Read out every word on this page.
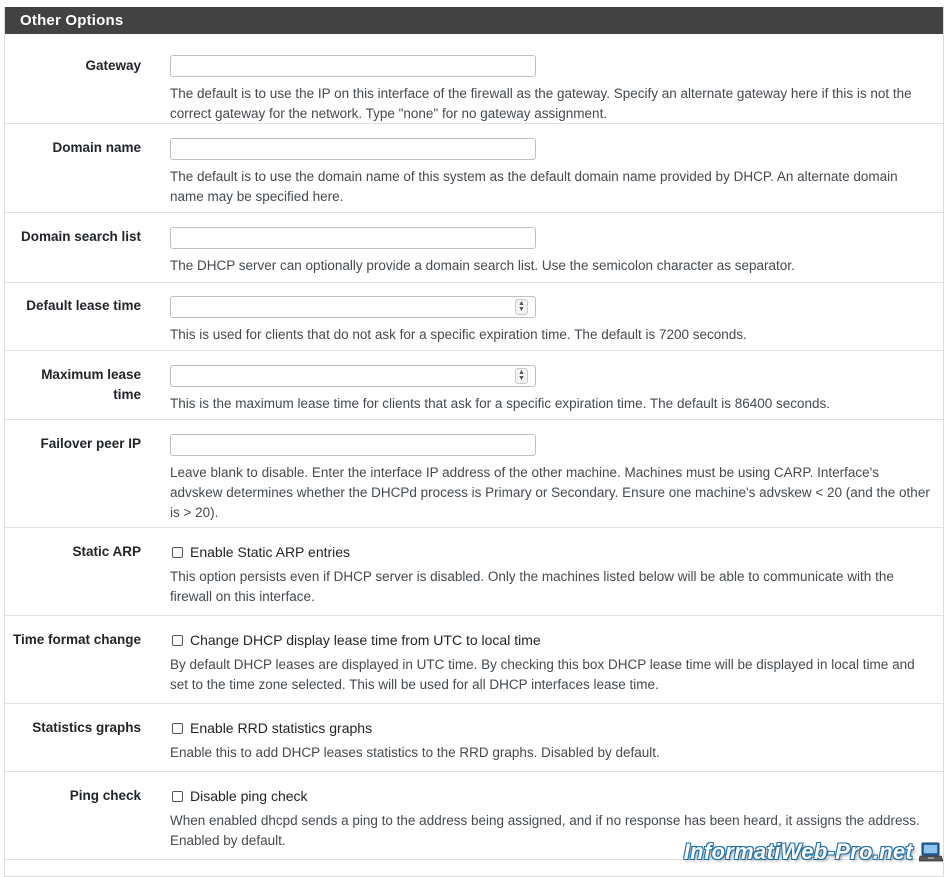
Other Options
Gateway
The default is to use the IP on this interface of the firewall as the gateway. Specify an alternate gateway here if this is not the correct gateway for the network. Type "none" for no gateway assignment.
Domain name
The default is to use the domain name of this system as the default domain name provided by DHCP. An alternate domain name may be specified here.
Domain search list
The DHCP server can optionally provide a domain search list. Use the semicolon character as separator.
Default lease time	▲
▼
This is used for clients that do not ask for a specific expiration time. The default is 7200 seconds.
Maximum lease
time
▲
▼
This is the maximum lease time for clients that ask for a specific expiration time. The default is 86400 seconds.
Failover peer IP
Leave blank to disable. Enter the interface IP address of the other machine. Machines must be using CARP. Interface's advskew determines whether the DHCPd process is Primary or Secondary. Ensure one machine's advskew < 20 (and the other is > 20).
Static ARP	Enable Static ARP entries
This option persists even if DHCP server is disabled. Only the machines listed below will be able to communicate with the firewall on this interface.
Time format change	Change DHCP display lease time from UTC to local time
By default DHCP leases are displayed in UTC time. By checking this box DHCP lease time will be displayed in local time and set to the time zone selected. This will be used for all DHCP interfaces lease time.
Statistics graphs	Enable RRD statistics graphs
Enable this to add DHCP leases statistics to the RRD graphs. Disabled by default.
Ping check	Disable ping check
When enabled dhcpd sends a ping to the address being assigned, and if no response has been heard, it assigns the address. Enabled by default.	InformatiWeb-Pro.net
